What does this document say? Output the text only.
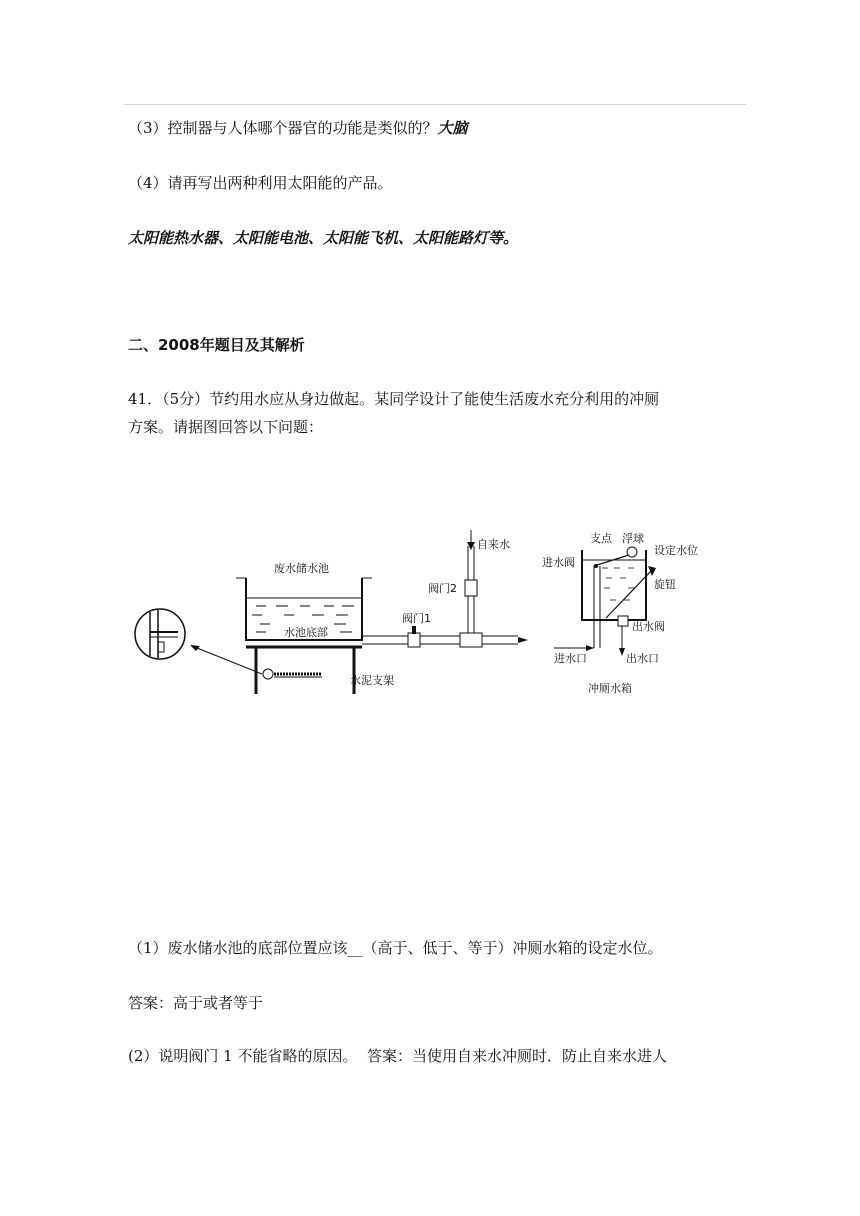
（3）控制器与人体哪个器官的功能是类似的？大脑
（4）请再写出两种利用太阳能的产品。
太阳能热水器、太阳能电池、太阳能飞机、太阳能路灯等。
二、2008年题目及其解析
41．（5分）节约用水应从身边做起。某同学设计了能使生活废水充分利用的冲厕
方案。请据图回答以下问题：
废水储水池
水池底部
水泥支架
阀门1
自来水
阀门2
支点 浮球
设定水位
进水阀
旋钮
出水阀
进水口	出水口
冲厕水箱
（1）废水储水池的底部位置应该__（高于、低于、等于）冲厕水箱的设定水位。
答案：高于或者等于
(2）说明阀门 1 不能省略的原因。 答案：当使用自来水冲厕时．防止自来水进人
